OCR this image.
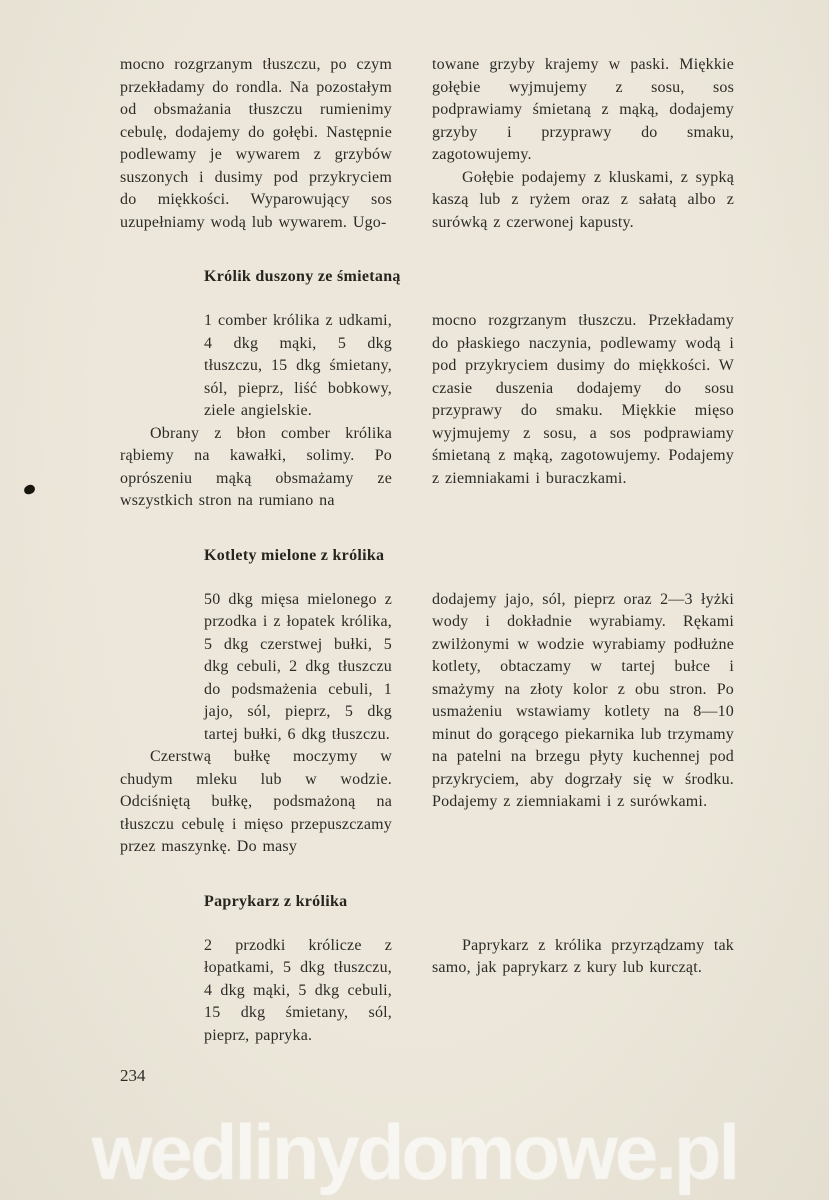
mocno rozgrzanym tłuszczu, po czym przekładamy do rondla. Na pozostałym od obsmażania tłuszczu rumienimy cebulę, dodajemy do gołębi. Następnie podlewamy je wywarem z grzybów suszonych i dusimy pod przykryciem do miękkości. Wyparowujący sos uzupełniamy wodą lub wywarem. Ugo-

towane grzyby krajemy w paski. Miękkie gołębie wyjmujemy z sosu, sos podprawiamy śmietaną z mąką, dodajemy grzyby i przyprawy do smaku, zagotowujemy.

Gołębie podajemy z kluskami, z sypką kaszą lub z ryżem oraz z sałatą albo z surówką z czerwonej kapusty.

Królik duszony ze śmietaną

1 comber królika z udkami, 4 dkg mąki, 5 dkg tłuszczu, 15 dkg śmietany, sól, pieprz, liść bobkowy, ziele angielskie.

Obrany z błon comber królika rąbiemy na kawałki, solimy. Po oprószeniu mąką obsmażamy ze wszystkich stron na rumiano na

mocno rozgrzanym tłuszczu. Przekładamy do płaskiego naczynia, podlewamy wodą i pod przykryciem dusimy do miękkości. W czasie duszenia dodajemy do sosu przyprawy do smaku. Miękkie mięso wyjmujemy z sosu, a sos podprawiamy śmietaną z mąką, zagotowujemy. Podajemy z ziemniakami i buraczkami.

Kotlety mielone z królika

50 dkg mięsa mielonego z przodka i z łopatek królika, 5 dkg czerstwej bułki, 5 dkg cebuli, 2 dkg tłuszczu do podsmażenia cebuli, 1 jajo, sól, pieprz, 5 dkg tartej bułki, 6 dkg tłuszczu.

Czerstwą bułkę moczymy w chudym mleku lub w wodzie. Odciśniętą bułkę, podsmażoną na tłuszczu cebulę i mięso przepuszczamy przez maszynkę. Do masy

dodajemy jajo, sól, pieprz oraz 2—3 łyżki wody i dokładnie wyrabiamy. Rękami zwilżonymi w wodzie wyrabiamy podłużne kotlety, obtaczamy w tartej bułce i smażymy na złoty kolor z obu stron. Po usmażeniu wstawiamy kotlety na 8—10 minut do gorącego piekarnika lub trzymamy na patelni na brzegu płyty kuchennej pod przykryciem, aby dogrzały się w środku. Podajemy z ziemniakami i z surówkami.

Paprykarz z królika

2 przodki królicze z łopatkami, 5 dkg tłuszczu, 4 dkg mąki, 5 dkg cebuli, 15 dkg śmietany, sól, pieprz, papryka.

Paprykarz z królika przyrządzamy tak samo, jak paprykarz z kury lub kurcząt.

234
wedlinydomowe.pl
